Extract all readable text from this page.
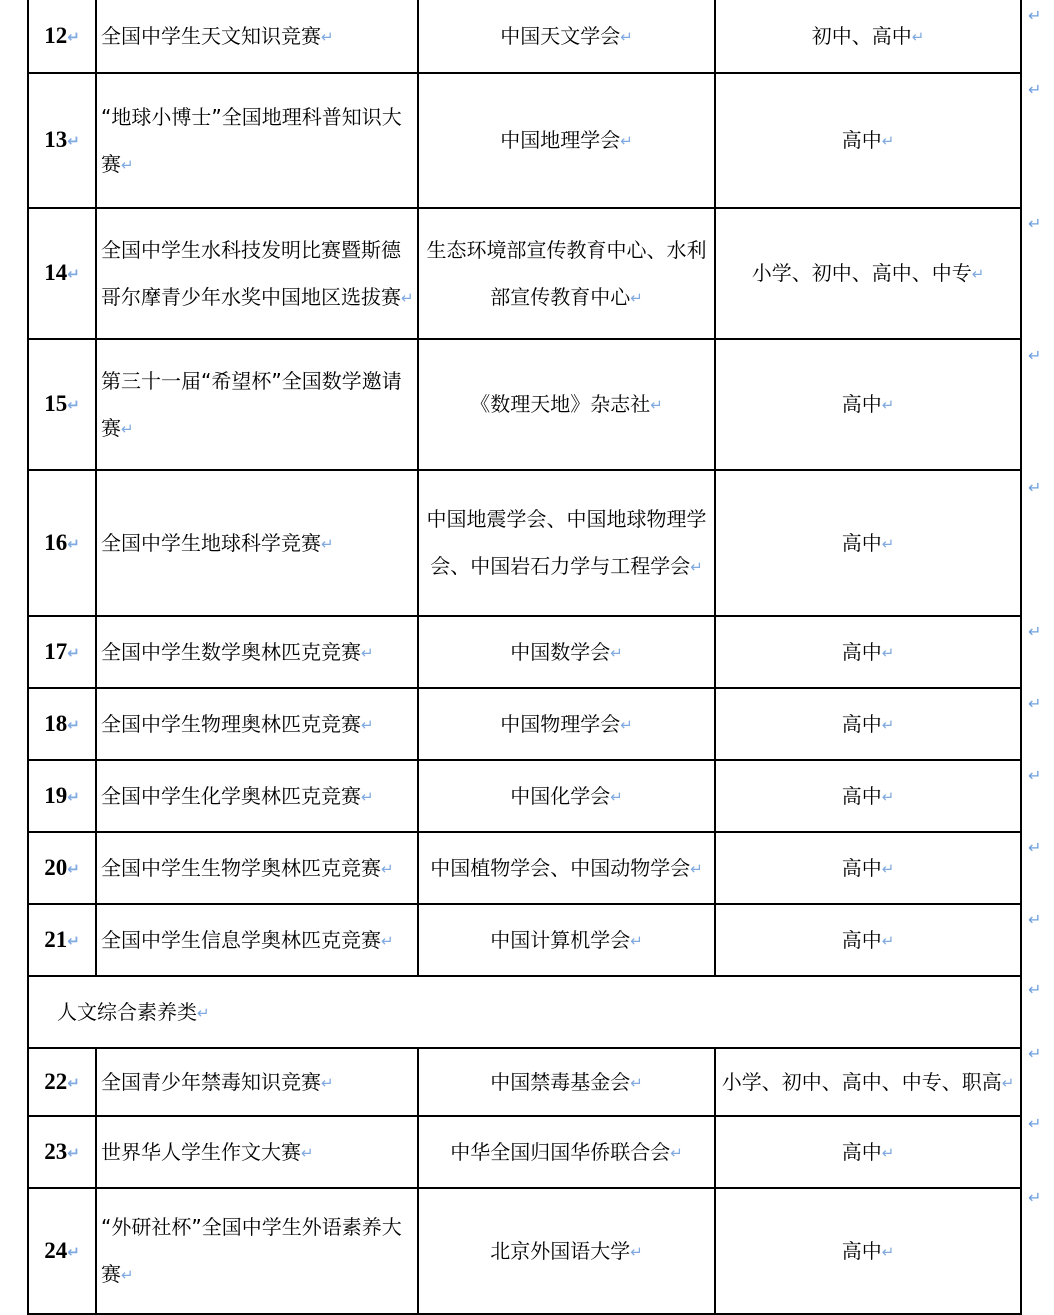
12↵	全国中学生天文知识竞赛↵	中国天文学会↵	初中、高中↵

13↵	“地球小博士”全国地理科普知识大赛↵	中国地理学会↵	高中↵

14↵	全国中学生水科技发明比赛暨斯德哥尔摩青少年水奖中国地区选拔赛↵	生态环境部宣传教育中心、水利部宣传教育中心↵	小学、初中、高中、中专↵

15↵	第三十一届“希望杯”全国数学邀请赛↵	《数理天地》杂志社↵	高中↵

16↵	全国中学生地球科学竞赛↵	中国地震学会、中国地球物理学会、中国岩石力学与工程学会↵	高中↵

17↵	全国中学生数学奥林匹克竞赛↵	中国数学会↵	高中↵

18↵	全国中学生物理奥林匹克竞赛↵	中国物理学会↵	高中↵

19↵	全国中学生化学奥林匹克竞赛↵	中国化学会↵	高中↵

20↵	全国中学生生物学奥林匹克竞赛↵	中国植物学会、中国动物学会↵	高中↵

21↵	全国中学生信息学奥林匹克竞赛↵	中国计算机学会↵	高中↵

人文综合素养类↵			

22↵	全国青少年禁毒知识竞赛↵	中国禁毒基金会↵	小学、初中、高中、中专、职高↵

23↵	世界华人学生作文大赛↵	中华全国归国华侨联合会↵	高中↵

24↵	“外研社杯”全国中学生外语素养大赛↵	北京外国语大学↵	高中↵
↵
↵
↵
↵
↵
↵
↵
↵
↵
↵
↵
↵
↵
↵
